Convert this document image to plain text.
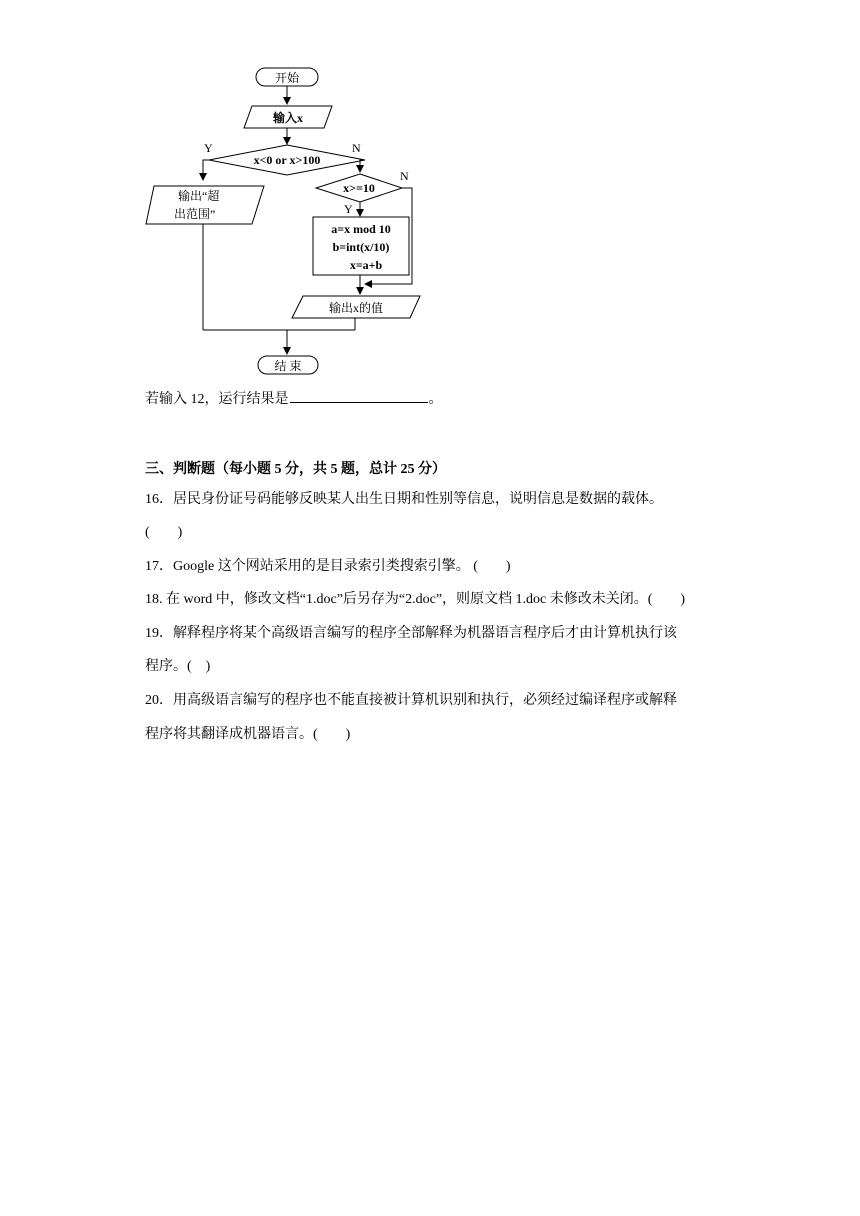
开始
输入x
x<0 or x>100
Y	N
输出“超
出范围”
x>=10
Y
N
a=x mod 10
b=int(x/10)
x=a+b
输出x的值
结 束
若输入 12，运行结果是	。
三、判断题（每小题 5 分，共 5 题，总计 25 分）
16．居民身份证号码能够反映某人出生日期和性别等信息，说明信息是数据的载体。
(　　)
17．Google 这个网站采用的是目录索引类搜索引擎。 (　　)
18. 在 word 中，修改文档“1.doc”后另存为“2.doc”，则原文档 1.doc 未修改未关闭。(　　)
19．解释程序将某个高级语言编写的程序全部解释为机器语言程序后才由计算机执行该
程序。(　)
20．用高级语言编写的程序也不能直接被计算机识别和执行，必须经过编译程序或解释
程序将其翻译成机器语言。(　　)
